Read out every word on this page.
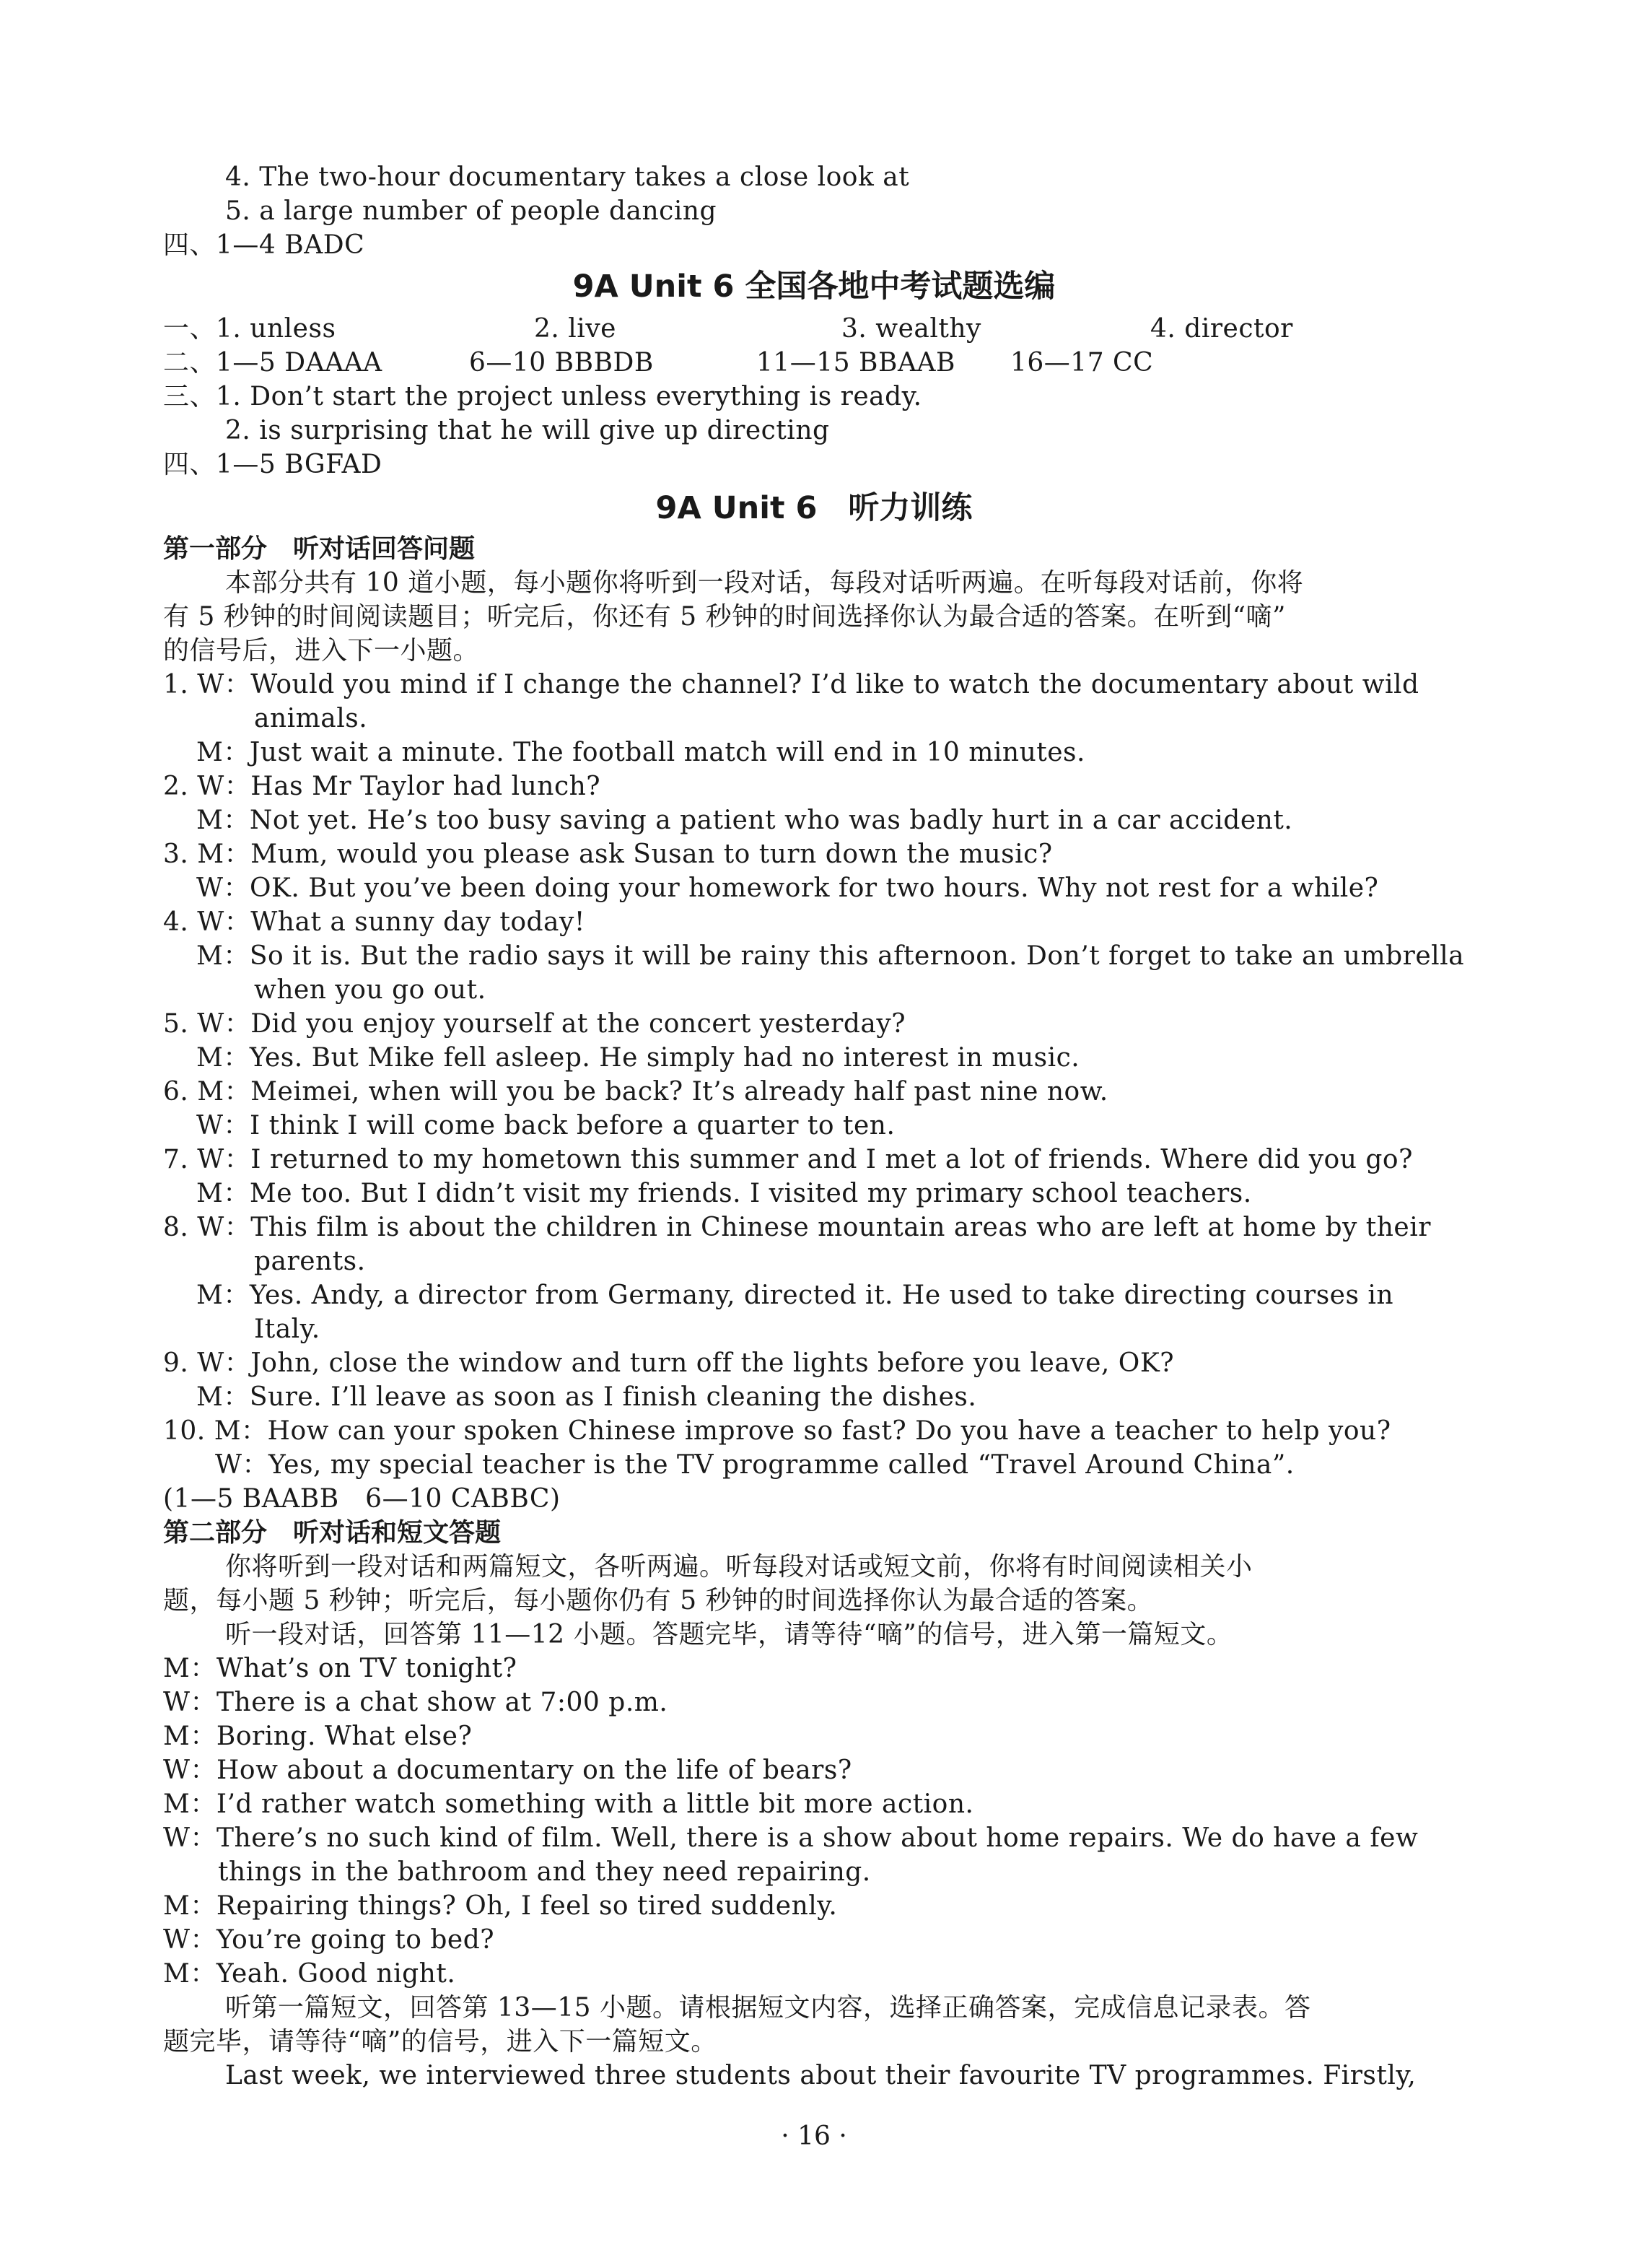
4. The two-hour documentary takes a close look at
5. a large number of people dancing
四、1—4 BADC
9A Unit 6 全国各地中考试题选编
一、1. unless	2. live	3. wealthy	4. director
二、1—5 DAAAA	6—10 BBBDB	11—15 BBAAB 16—17 CC
三、1. Don’t start the project unless everything is ready.
2. is surprising that he will give up directing
四、1—5 BGFAD
9A Unit 6　听力训练
第一部分　听对话回答问题
本部分共有 10 道小题，每小题你将听到一段对话，每段对话听两遍。在听每段对话前，你将
有 5 秒钟的时间阅读题目；听完后，你还有 5 秒钟的时间选择你认为最合适的答案。在听到“嘀”
的信号后，进入下一小题。
1. W：Would you mind if I change the channel? I’d like to watch the documentary about wild
animals.
M：Just wait a minute. The football match will end in 10 minutes.
2. W：Has Mr Taylor had lunch?
M：Not yet. He’s too busy saving a patient who was badly hurt in a car accident.
3. M：Mum, would you please ask Susan to turn down the music?
W：OK. But you’ve been doing your homework for two hours. Why not rest for a while?
4. W：What a sunny day today!
M：So it is. But the radio says it will be rainy this afternoon. Don’t forget to take an umbrella
when you go out.
5. W：Did you enjoy yourself at the concert yesterday?
M：Yes. But Mike fell asleep. He simply had no interest in music.
6. M：Meimei, when will you be back? It’s already half past nine now.
W：I think I will come back before a quarter to ten.
7. W：I returned to my hometown this summer and I met a lot of friends. Where did you go?
M：Me too. But I didn’t visit my friends. I visited my primary school teachers.
8. W：This film is about the children in Chinese mountain areas who are left at home by their
parents.
M：Yes. Andy, a director from Germany, directed it. He used to take directing courses in
Italy.
9. W：John, close the window and turn off the lights before you leave, OK?
M：Sure. I’ll leave as soon as I finish cleaning the dishes.
10. M：How can your spoken Chinese improve so fast? Do you have a teacher to help you?
W：Yes, my special teacher is the TV programme called “Travel Around China”.
(1—5 BAABB　6—10 CABBC)
第二部分　听对话和短文答题
你将听到一段对话和两篇短文，各听两遍。听每段对话或短文前，你将有时间阅读相关小
题，每小题 5 秒钟；听完后，每小题你仍有 5 秒钟的时间选择你认为最合适的答案。
听一段对话，回答第 11—12 小题。答题完毕，请等待“嘀”的信号，进入第一篇短文。
M：What’s on TV tonight?
W：There is a chat show at 7:00 p.m.
M：Boring. What else?
W：How about a documentary on the life of bears?
M：I’d rather watch something with a little bit more action.
W：There’s no such kind of film. Well, there is a show about home repairs. We do have a few
things in the bathroom and they need repairing.
M：Repairing things? Oh, I feel so tired suddenly.
W：You’re going to bed?
M：Yeah. Good night.
听第一篇短文，回答第 13—15 小题。请根据短文内容，选择正确答案，完成信息记录表。答
题完毕，请等待“嘀”的信号，进入下一篇短文。
Last week, we interviewed three students about their favourite TV programmes. Firstly,
· 16 ·
